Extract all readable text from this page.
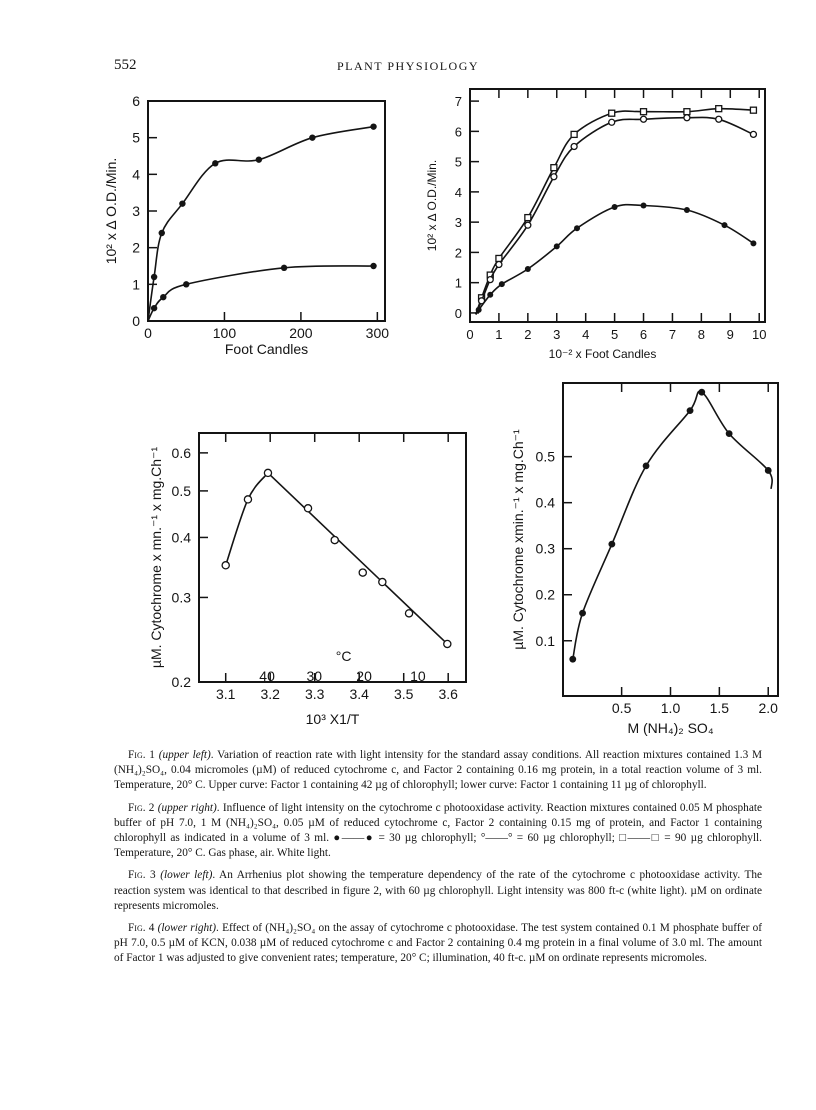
552	PLANT PHYSIOLOGY
0	100	200	300
0
1
2
3
4
5
6
Foot Candles
10² x ∆ O.D./Min.
0 1 2 3 4 5 6 7 8 9 10
0
1
2
3
4
5
6
7
10⁻² x Foot Candles
10² x ∆ O.D./Min.
3.1 3.2 3.3 3.4 3.5 3.6
0.2
0.3
0.4
0.5
0.6
10³ X1/T
µM. Cytochrome x mn.⁻¹ x mg.Ch⁻¹
40 30 20	10
°C
0.5 1.0 1.5 2.0
0.1
0.2
0.3
0.4
0.5
M (NH₄)₂ SO₄
µM. Cytochrome xmin.⁻¹ x mg.Ch⁻¹

Fig. 1 (upper left). Variation of reaction rate with light intensity for the standard assay conditions. All reaction mixtures contained 1.3 M (NH₄)₂SO₄, 0.04 micromoles (µM) of reduced cytochrome c, and Factor 2 containing 0.16 mg protein, in a total reaction volume of 3 ml. Temperature, 20° C. Upper curve: Factor 1 containing 42 µg of chlorophyll; lower curve: Factor 1 containing 11 µg of chlorophyll.

Fig. 2 (upper right). Influence of light intensity on the cytochrome c photooxidase activity. Reaction mixtures contained 0.05 M phosphate buffer of pH 7.0, 1 M (NH₄)₂SO₄, 0.05 µM of reduced cytochrome c, Factor 2 containing 0.15 mg of protein, and Factor 1 containing chlorophyll as indicated in a volume of 3 ml. ●——● = 30 µg chlorophyll; °——° = 60 µg chlorophyll; □——□ = 90 µg chlorophyll. Temperature, 20° C. Gas phase, air. White light.

Fig. 3 (lower left). An Arrhenius plot showing the temperature dependency of the rate of the cytochrome c photooxidase activity. The reaction system was identical to that described in figure 2, with 60 µg chlorophyll. Light intensity was 800 ft-c (white light). µM on ordinate represents micromoles.

Fig. 4 (lower right). Effect of (NH₄)₂SO₄ on the assay of cytochrome c photooxidase. The test system contained 0.1 M phosphate buffer of pH 7.0, 0.5 µM of KCN, 0.038 µM of reduced cytochrome c and Factor 2 containing 0.4 mg protein in a final volume of 3.0 ml. The amount of Factor 1 was adjusted to give convenient rates; temperature, 20° C; illumination, 40 ft-c. µM on ordinate represents micromoles.
